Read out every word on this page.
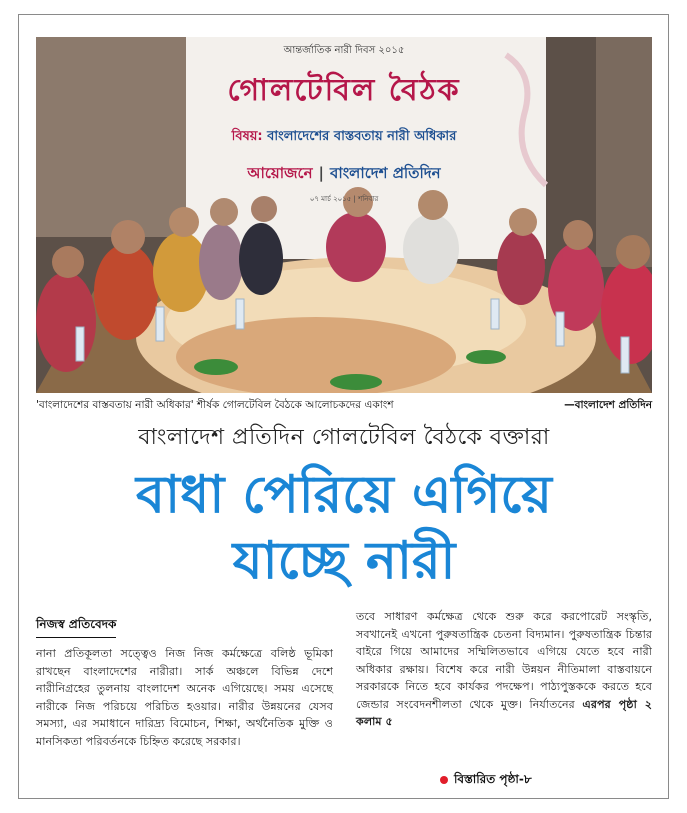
আন্তর্জাতিক নারী দিবস ২০১৫
গোলটেবিল বৈঠক
বিষয়: বাংলাদেশের বাস্তবতায় নারী অধিকার
আয়োজনে | বাংলাদেশ প্রতিদিন
০৭ মার্চ ২০১৫ | শনিবার
'বাংলাদেশের বাস্তবতায় নারী অধিকার' শীর্ষক গোলটেবিল বৈঠকে আলোচকদের একাংশ	—বাংলাদেশ প্রতিদিন
বাংলাদেশ প্রতিদিন গোলটেবিল বৈঠকে বক্তারা
বাধা পেরিয়ে এগিয়ে
যাচ্ছে নারী
নিজস্ব প্রতিবেদক
নানা প্রতিকূলতা সত্ত্বেও নিজ নিজ কর্মক্ষেত্রে বলিষ্ঠ ভূমিকা রাখছেন বাংলাদেশের নারীরা। সার্ক অঞ্চলে বিভিন্ন দেশে নারীনিগ্রহের তুলনায় বাংলাদেশ অনেক এগিয়েছে। সময় এসেছে নারীকে নিজ পরিচয়ে পরিচিত হওয়ার। নারীর উন্নয়নের যেসব সমস্যা, এর সমাধানে দারিদ্র্য বিমোচন, শিক্ষা, অর্থনৈতিক মুক্তি ও মানসিকতা পরিবর্তনকে চিহ্নিত করেছে সরকার।
তবে সাধারণ কর্মক্ষেত্র থেকে শুরু করে করপোরেট সংস্কৃতি, সবখানেই এখনো পুরুষতান্ত্রিক চেতনা বিদ্যমান। পুরুষতান্ত্রিক চিন্তার বাইরে গিয়ে আমাদের সম্মিলিতভাবে এগিয়ে যেতে হবে নারী অধিকার রক্ষায়। বিশেষ করে নারী উন্নয়ন নীতিমালা বাস্তবায়নে সরকারকে নিতে হবে কার্যকর পদক্ষেপ। পাঠ্যপুস্তককে করতে হবে জেন্ডার সংবেদনশীলতা থেকে মুক্ত। নির্যাতনের এরপর পৃষ্ঠা ২ কলাম ৫
বিস্তারিত পৃষ্ঠা-৮
